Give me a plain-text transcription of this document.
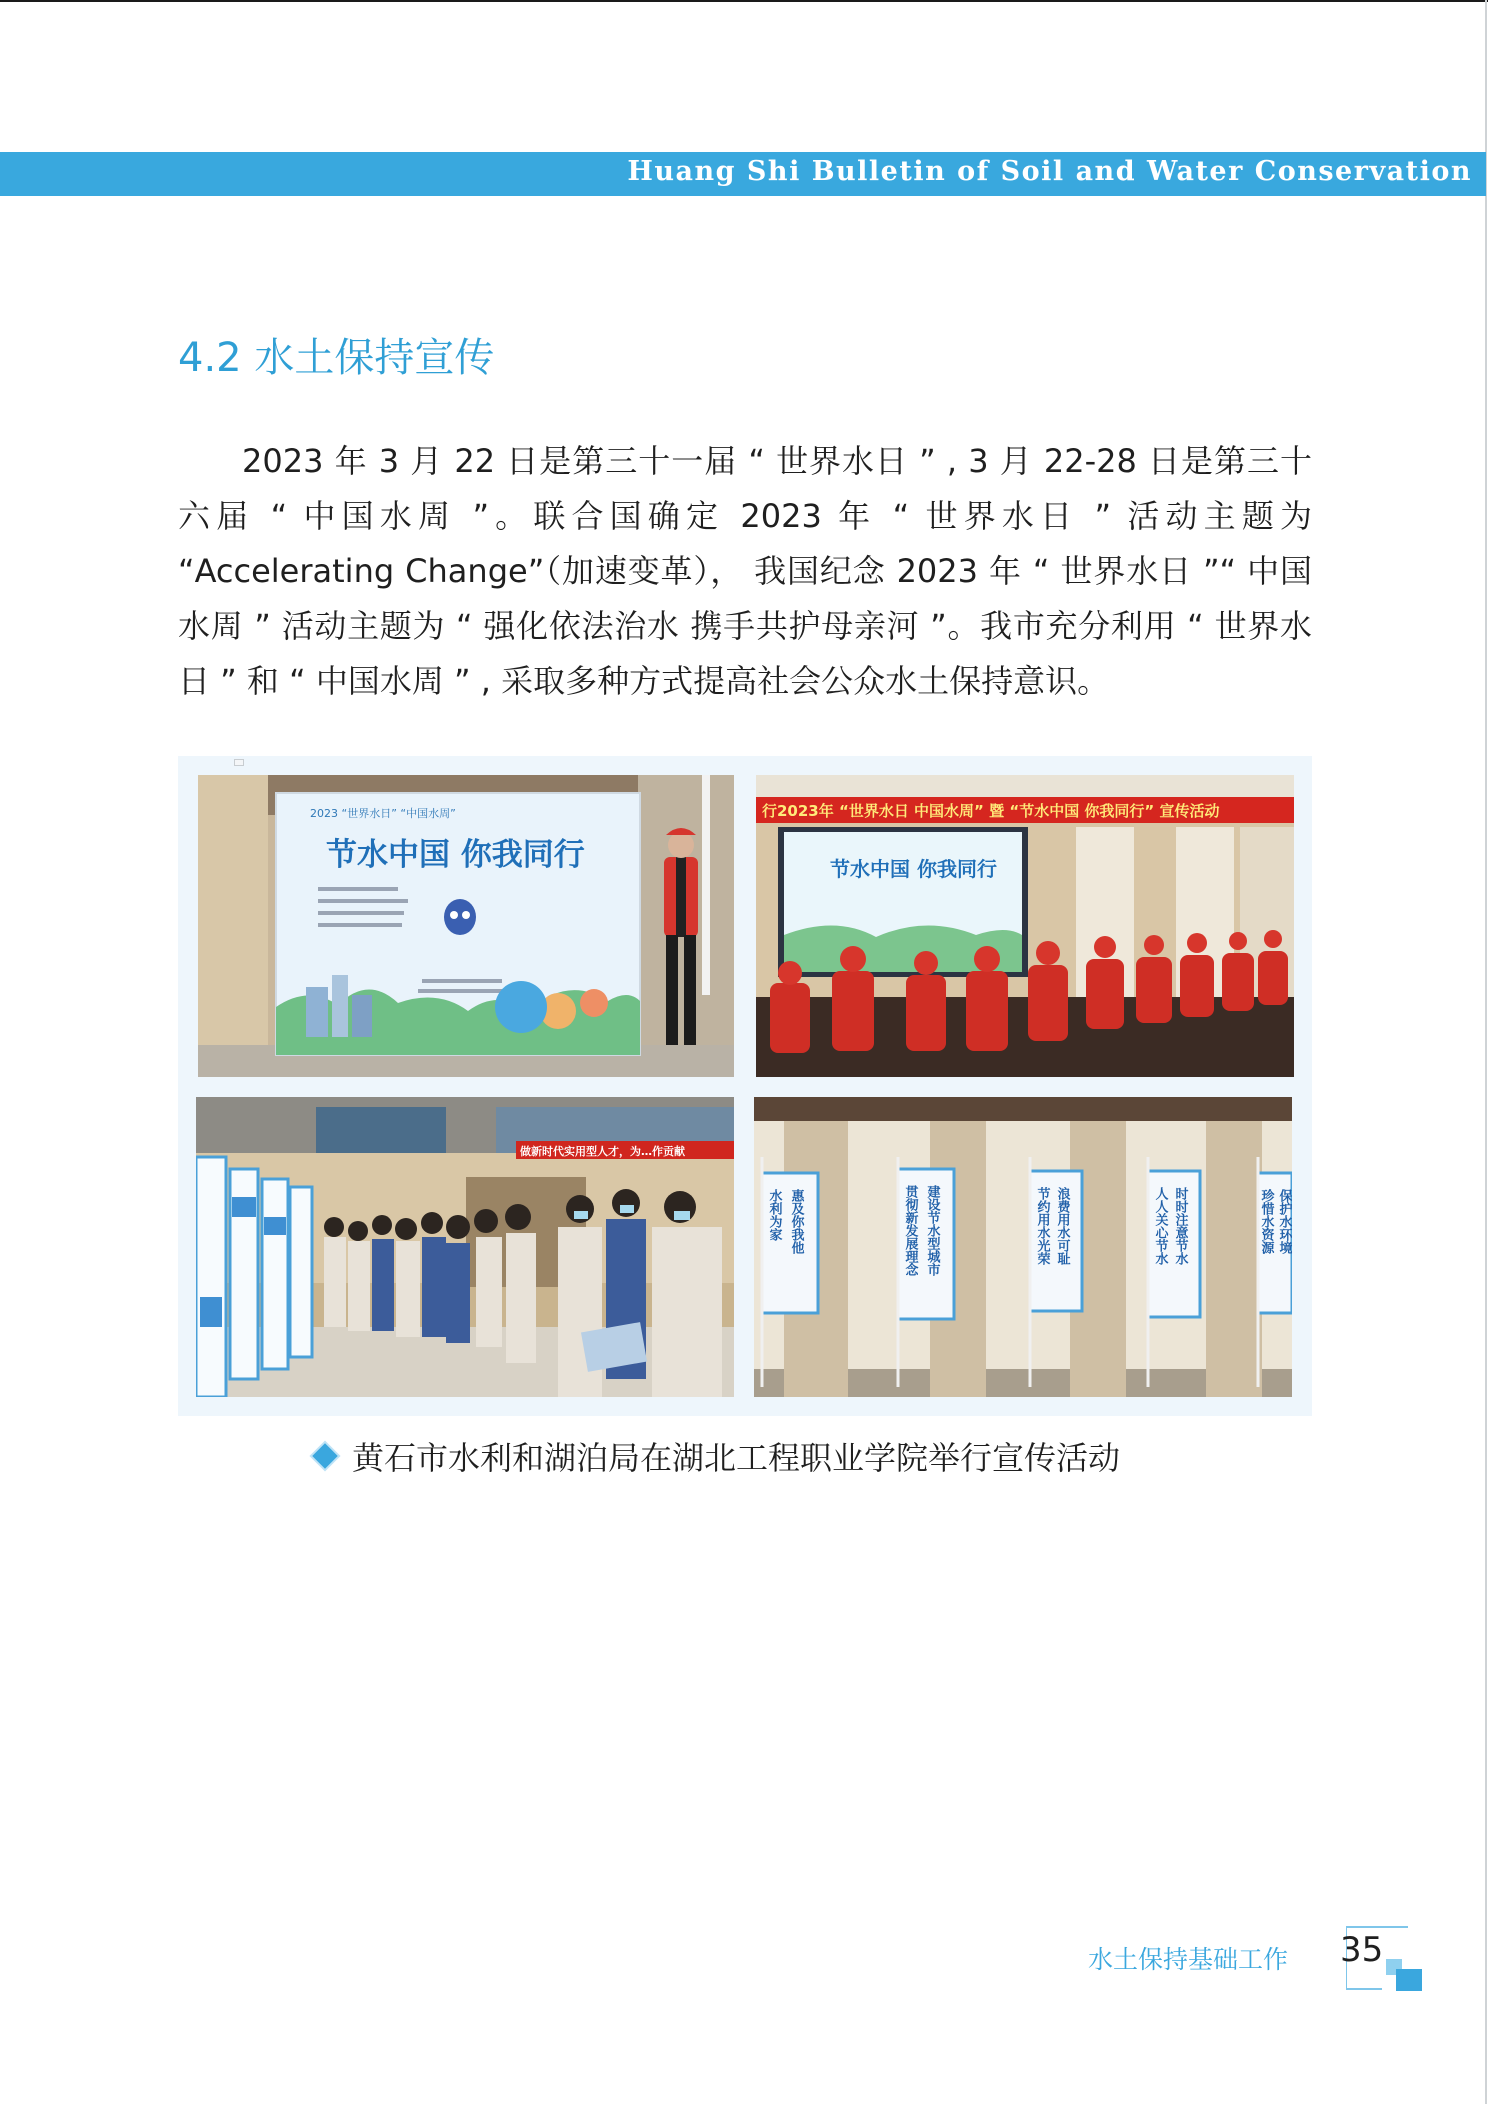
Huang Shi Bulletin of Soil and Water Conservation
4.2 水土保持宣传

2023 年 3 月 22 日是第三十一届 “ 世界水日 ” , 3 月 22-28 日是第三十六届 “ 中国水周 ”。联合国确定 2023 年 “ 世界水日 ” 活动主题为 “Accelerating Change”（加速变革）， 我国纪念 2023 年 “ 世界水日 ”“ 中国水周 ” 活动主题为 “ 强化依法治水 携手共护母亲河 ”。我市充分利用 “ 世界水日 ” 和 “ 中国水周 ” , 采取多种方式提高社会公众水土保持意识。

2023 “世界水日” “中国水周”
节水中国 你我同行
行2023年 “世界水日 中国水周” 暨 “节水中国 你我同行” 宣传活动
节水中国 你我同行
做新时代实用型人才，为…作贡献
水利为家 惠及你我他	贯彻新发展理念 建设节水型城市	节约用水光荣 浪费用水可耻	人人关心节水 时时注意节水	珍惜水资源 保护水环境
黄石市水利和湖泊局在湖北工程职业学院举行宣传活动
水土保持基础工作 35
